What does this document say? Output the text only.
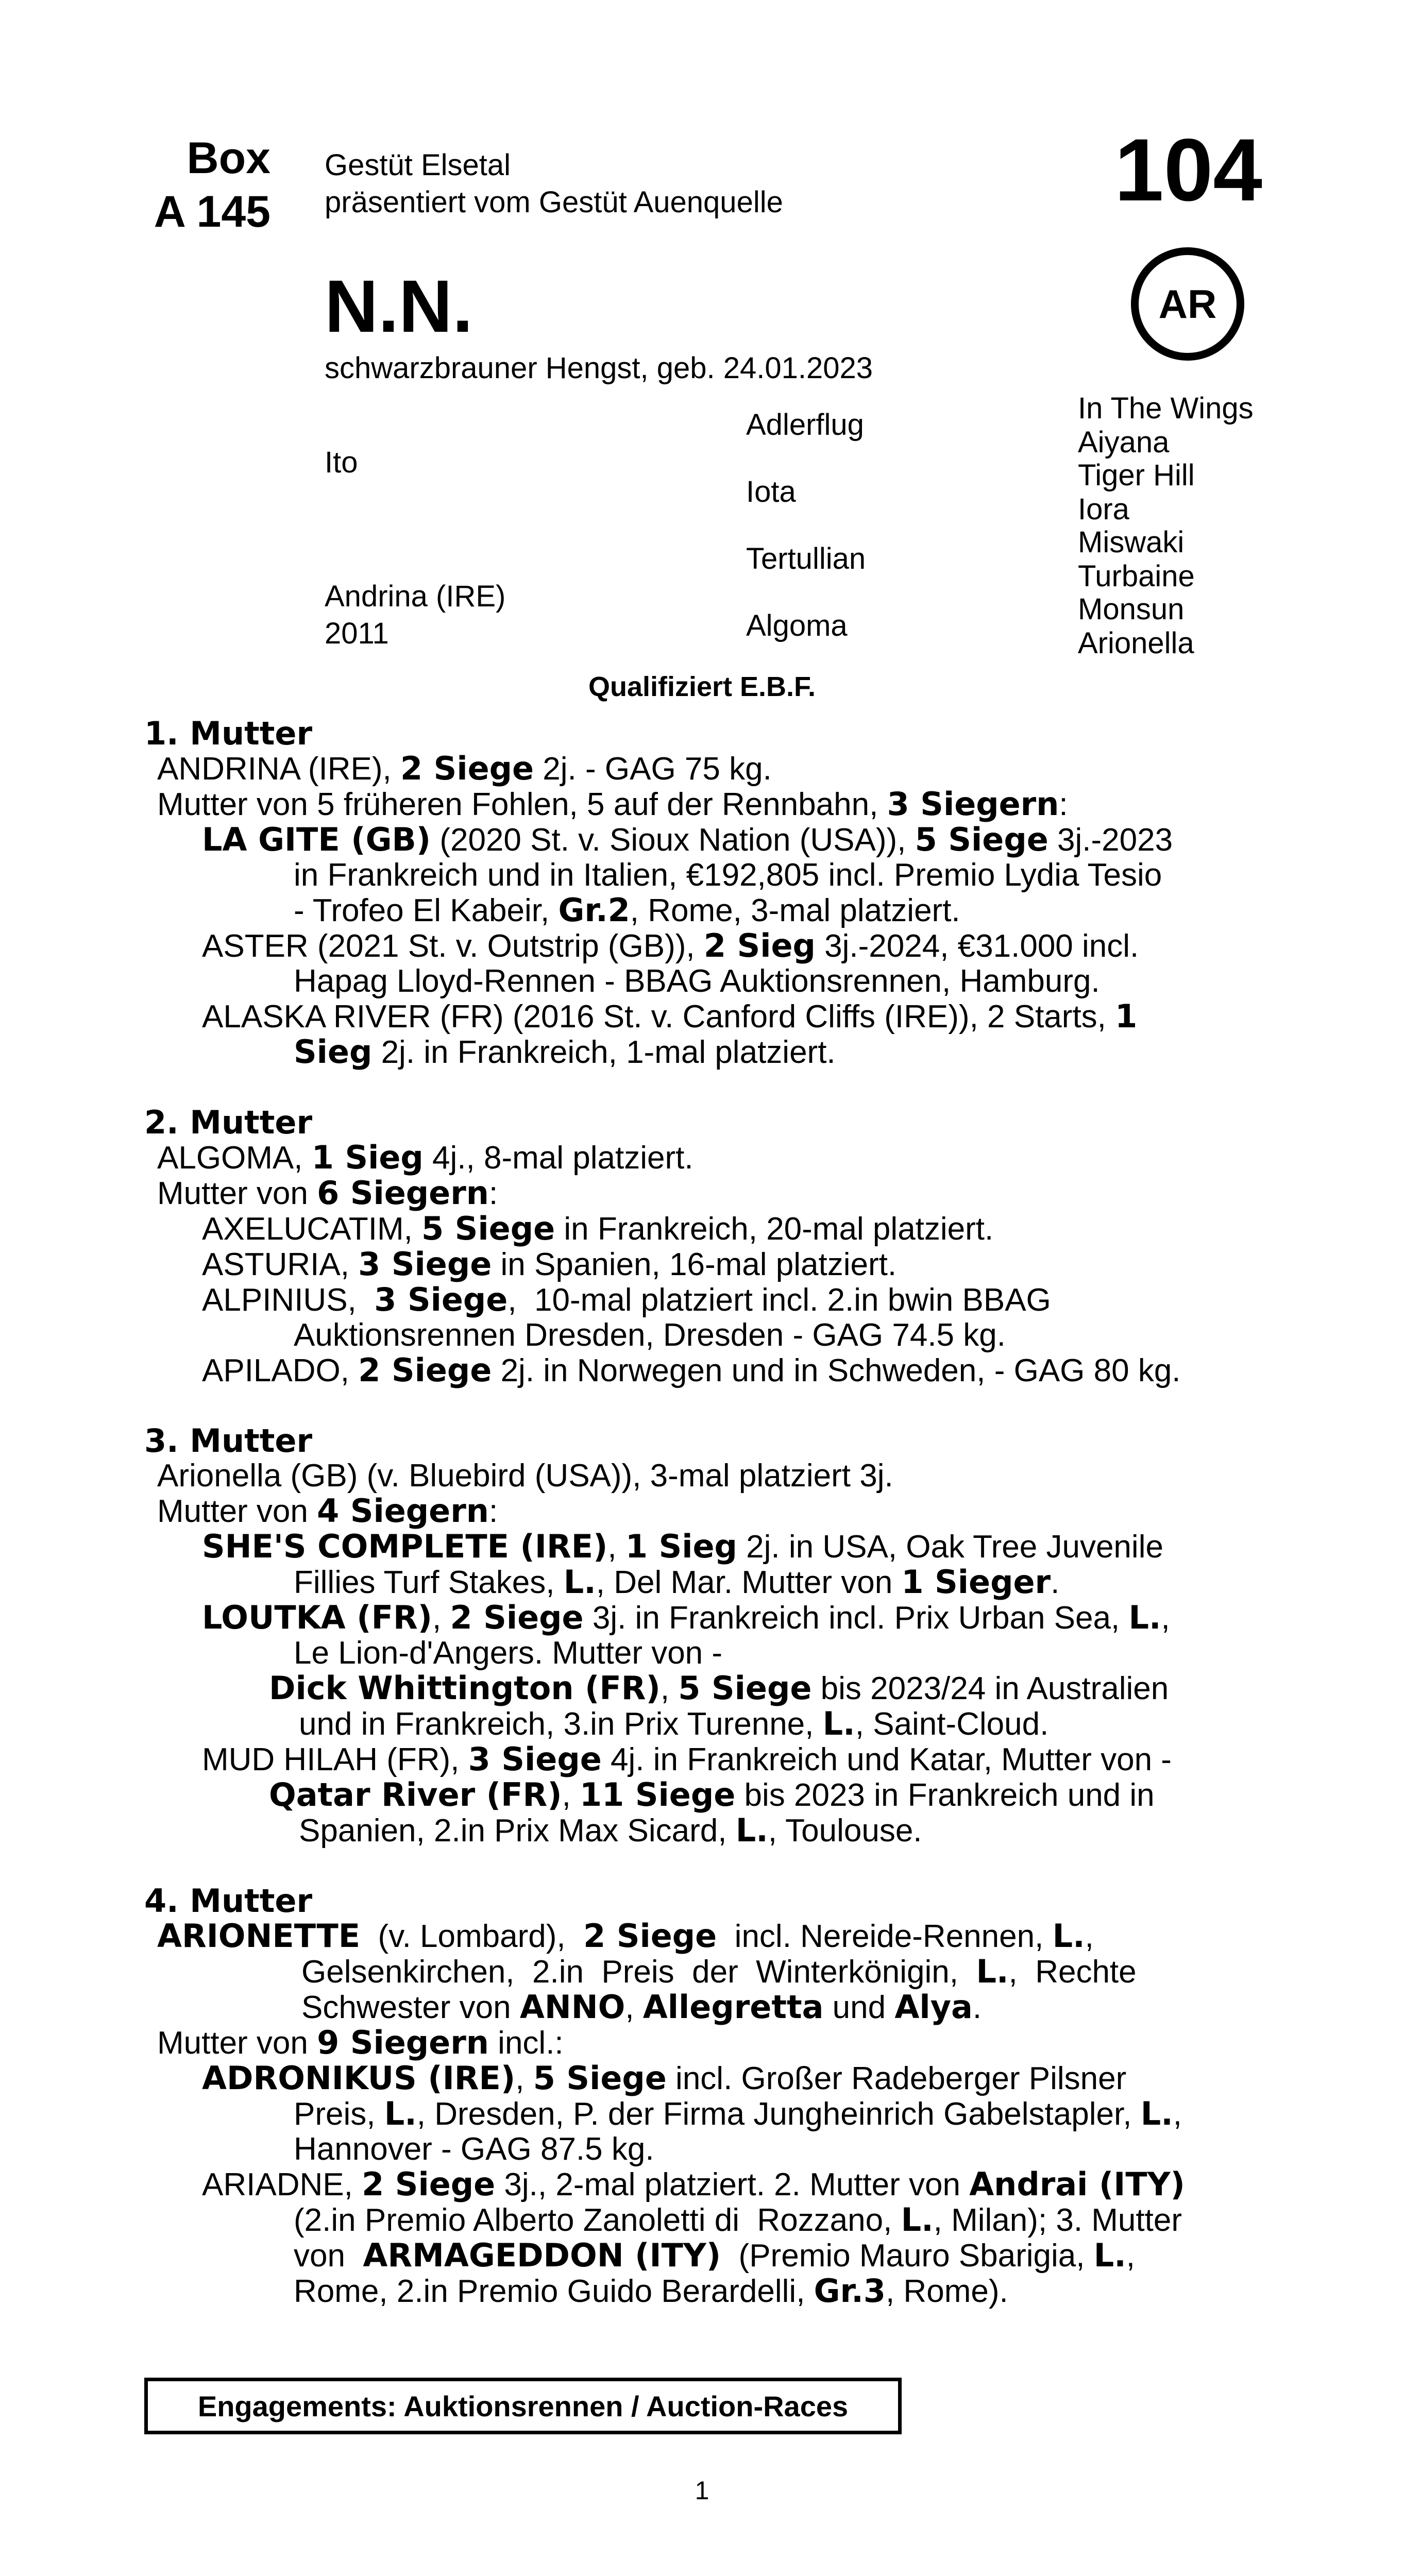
Box
A 145	104
AR
Gestüt Elsetal
präsentiert vom Gestüt Auenquelle
N.N.
schwarzbrauner Hengst, geb. 24.01.2023
Ito
Andrina (IRE)
2011
Adlerflug
Iota
Tertullian
Algoma
In The Wings
Aiyana
Tiger Hill
Iora
Miswaki
Turbaine
Monsun
Arionella
Qualifiziert E.B.F.
1. Mutter

ANDRINA (IRE), 2 Siege 2j. - GAG 75 kg.

Mutter von 5 früheren Fohlen, 5 auf der Rennbahn, 3 Siegern:

LA GITE (GB) (2020 St. v. Sioux Nation (USA)), 5 Siege 3j.-2023
in Frankreich und in Italien, €192,805 incl. Premio Lydia Tesio
- Trofeo El Kabeir, Gr.2, Rome, 3-mal platziert.
ASTER (2021 St. v. Outstrip (GB)), 2 Sieg 3j.-2024, €31.000 incl.
Hapag Lloyd-Rennen - BBAG Auktionsrennen, Hamburg.
ALASKA RIVER (FR) (2016 St. v. Canford Cliffs (IRE)), 2 Starts, 1
Sieg 2j. in Frankreich, 1-mal platziert.
2. Mutter

ALGOMA, 1 Sieg 4j., 8-mal platziert.

Mutter von 6 Siegern:

AXELUCATIM, 5 Siege in Frankreich, 20-mal platziert.

ASTURIA, 3 Siege in Spanien, 16-mal platziert.

ALPINIUS,  3 Siege,  10-mal platziert incl. 2.in bwin BBAG
Auktionsrennen Dresden, Dresden - GAG 74.5 kg.

APILADO, 2 Siege 2j. in Norwegen und in Schweden, - GAG 80 kg.

3. Mutter

Arionella (GB) (v. Bluebird (USA)), 3-mal platziert 3j.

Mutter von 4 Siegern:

SHE'S COMPLETE (IRE), 1 Sieg 2j. in USA, Oak Tree Juvenile
Fillies Turf Stakes, L., Del Mar. Mutter von 1 Sieger.
LOUTKA (FR), 2 Siege 3j. in Frankreich incl. Prix Urban Sea, L.,
Le Lion-d'Angers. Mutter von -
Dick Whittington (FR), 5 Siege bis 2023/24 in Australien
und in Frankreich, 3.in Prix Turenne, L., Saint-Cloud.
MUD HILAH (FR), 3 Siege 4j. in Frankreich und Katar, Mutter von -
Qatar River (FR), 11 Siege bis 2023 in Frankreich und in
Spanien, 2.in Prix Max Sicard, L., Toulouse.
4. Mutter
ARIONETTE  (v. Lombard),  2 Siege  incl. Nereide-Rennen, L.,
Gelsenkirchen,  2.in  Preis  der  Winterkönigin,  L.,  Rechte
Schwester von ANNO, Allegretta und Alya.

Mutter von 9 Siegern incl.:

ADRONIKUS (IRE), 5 Siege incl. Großer Radeberger Pilsner
Preis, L., Dresden, P. der Firma Jungheinrich Gabelstapler, L.,
Hannover - GAG 87.5 kg.
ARIADNE, 2 Siege 3j., 2-mal platziert. 2. Mutter von Andrai (ITY)
(2.in Premio Alberto Zanoletti di  Rozzano, L., Milan); 3. Mutter
von  ARMAGEDDON (ITY)  (Premio Mauro Sbarigia, L.,
Rome, 2.in Premio Guido Berardelli, Gr.3, Rome).
Engagements: Auktionsrennen / Auction-Races
1
